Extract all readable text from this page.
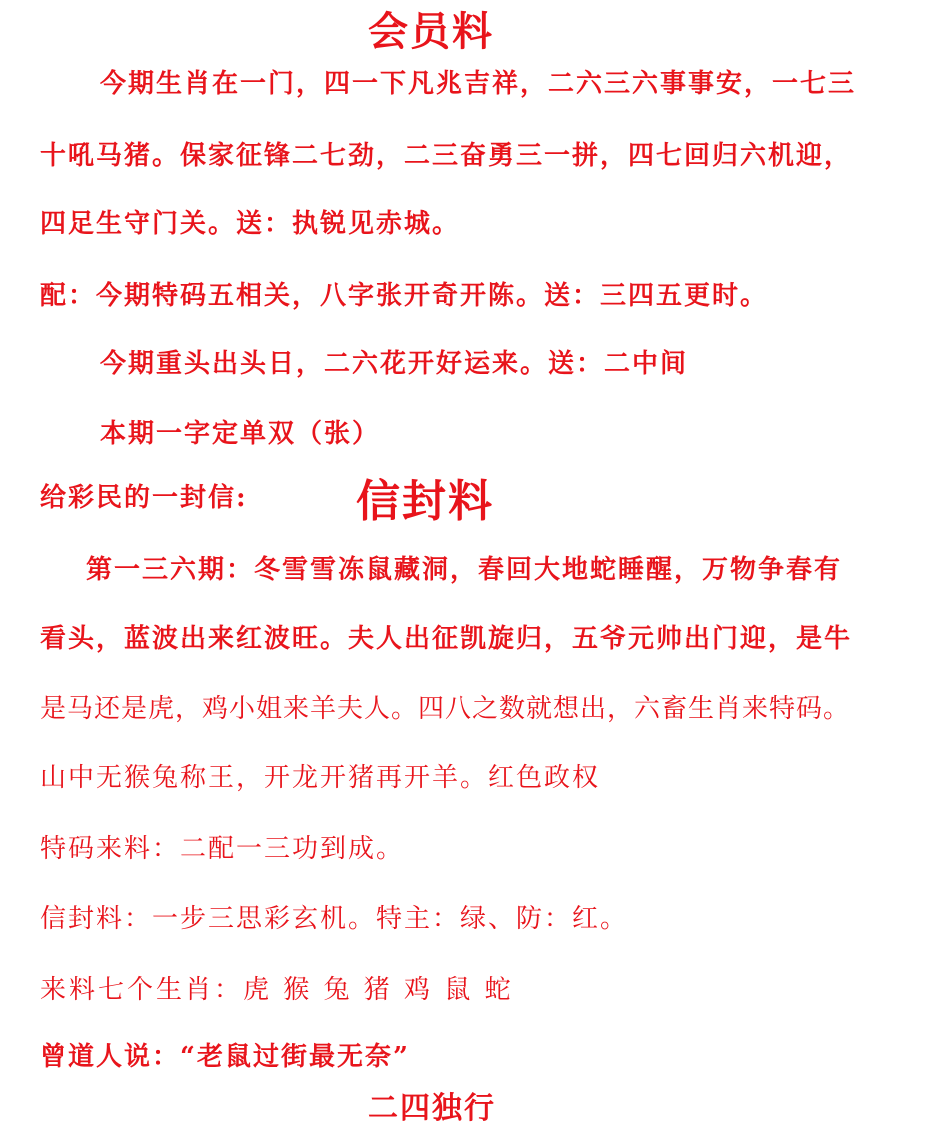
会员料
今期生肖在一门，四一下凡兆吉祥，二六三六事事安，一七三
十吼马猪。保家征锋二七劲，二三奋勇三一拼，四七回归六机迎，
四足生守门关。送：执锐见赤城。
配：今期特码五相关，八字张开奇开陈。送：三四五更时。
今期重头出头日，二六花开好运来。送：二中间
本期一字定单双（张）
给彩民的一封信: 信封料
第一三六期：冬雪雪冻鼠藏洞，春回大地蛇睡醒，万物争春有
看头，蓝波出来红波旺。夫人出征凯旋归，五爷元帅出门迎，是牛
是马还是虎，鸡小姐来羊夫人。四八之数就想出，六畜生肖来特码。
山中无猴兔称王，开龙开猪再开羊。红色政权
特码来料：二配一三功到成。
信封料：一步三思彩玄机。特主：绿、防：红。
来料七个生肖：虎 猴 兔 猪 鸡 鼠 蛇
曾道人说：“老鼠过街最无奈”
二四独行
